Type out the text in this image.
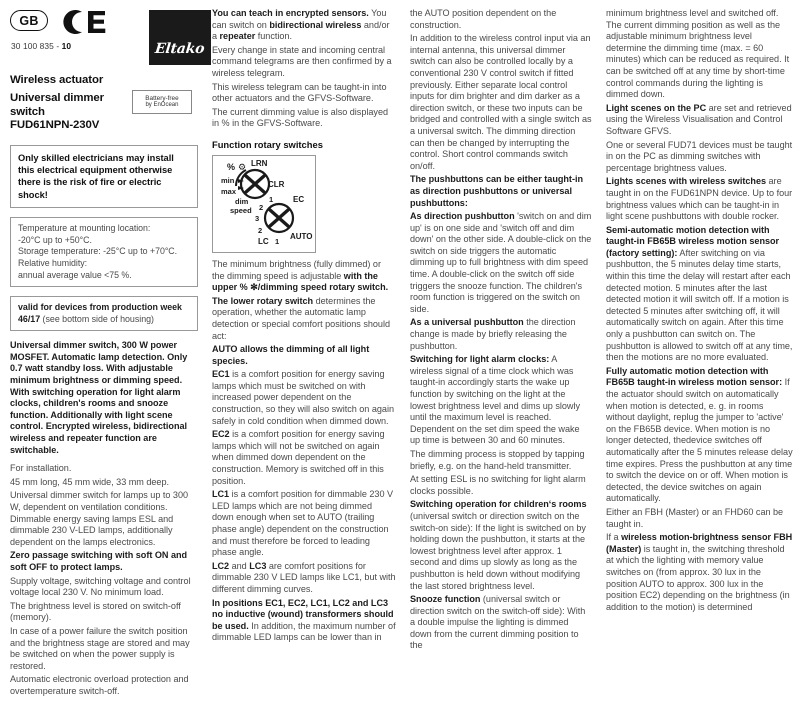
GB
30 100 835 - 10	Eltako
Wireless actuator
Universal dimmer switch
FUD61NPN-230V
Battery-free
by EnOcean

Only skilled electricians may install this electrical equipment otherwise there is the risk of fire or electric shock!

Temperature at mounting location:

-20°C up to +50°C.

Storage temperature: -25°C up to +70°C.

Relative humidity:

annual average value <75 %.

valid for devices from production week 46/17 (see bottom side of housing)

Universal dimmer switch, 300 W power MOSFET. Automatic lamp detection. Only 0.7 watt standby loss. With adjustable minimum brightness or dimming speed. With switching operation for light alarm clocks, children's rooms and snooze function. Additionally with light scene control. Encrypted wireless, bidirectional wireless and repeater function are switchable.

For installation.

45 mm long, 45 mm wide, 33 mm deep.

Universal dimmer switch for lamps up to 300 W, dependent on ventilation conditions. Dimmable energy saving lamps ESL and dimmable 230 V-LED lamps, additionally dependent on the lamps electronics.

Zero passage switching with soft ON and soft OFF to protect lamps.

Supply voltage, switching voltage and control voltage local 230 V. No minimum load.

The brightness level is stored on switch-off (memory).

In case of a power failure the switch position and the brightness stage are stored and may be switched on when the power supply is restored.

Automatic electronic overload protection and overtemperature switch-off.

You can teach in encrypted sensors. You can switch on bidirectional wireless and/or a repeater function.

Every change in state and incoming central command telegrams are then confirmed by a wireless telegram.

This wireless telegram can be taught-in into other actuators and the GFVS-Software.

The current dimming value is also displayed in % in the GFVS-Software.

Function rotary switches
% ⚙ LRN
CLR
min
max
dim
speed
1
2
3
2
1
LC
EC
AUTO

The minimum brightness (fully dimmed) or the dimming speed is adjustable with the upper % ✻/dimming speed rotary switch.

The lower rotary switch determines the operation, whether the automatic lamp detection or special comfort positions should act:

AUTO allows the dimming of all light species.

EC1 is a comfort position for energy saving lamps which must be switched on with increased power dependent on the construction, so they will also switch on again safely in cold condition when dimmed down.

EC2 is a comfort position for energy saving lamps which will not be switched on again when dimmed down dependent on the construction. Memory is switched off in this position.

LC1 is a comfort position for dimmable 230 V LED lamps which are not being dimmed down enough when set to AUTO (trailing phase angle) dependent on the construction and must therefore be forced to leading phase angle.

LC2 and LC3 are comfort positions for dimmable 230 V LED lamps like LC1, but with different dimming curves.

In positions EC1, EC2, LC1, LC2 and LC3 no inductive (wound) transformers should be used. In addition, the maximum number of dimmable LED lamps can be lower than in

the AUTO position dependent on the construction.

In addition to the wireless control input via an internal antenna, this universal dimmer switch can also be controlled locally by a conventional 230 V control switch if fitted previously. Either separate local control inputs for dim brighter and dim darker as a direction switch, or these two inputs can be bridged and controlled with a single switch as a universal switch. The dimming direction can then be changed by interrupting the control. Short control commands switch on/off.

The pushbuttons can be either taught-in as direction pushbuttons or universal pushbuttons:

As direction pushbutton 'switch on and dim up' is on one side and 'switch off and dim down' on the other side. A double-click on the switch on side triggers the automatic dimming up to full brightness with dim speed time. A double-click on the switch off side triggers the snooze function. The children's room function is triggered on the switch on side.

As a universal pushbutton the direction change is made by briefly releasing the pushbutton.

Switching for light alarm clocks: A wireless signal of a time clock which was taught-in accordingly starts the wake up function by switching on the light at the lowest brightness level and dims up slowly until the maximum level is reached. Dependent on the set dim speed the wake up time is between 30 and 60 minutes.

The dimming process is stopped by tapping briefly, e.g. on the hand-held transmitter.

At setting ESL is no switching for light alarm clocks possible.

Switching operation for children‘s rooms (universal switch or direction switch on the switch-on side): If the light is switched on by holding down the pushbutton, it starts at the lowest brightness level after approx. 1 second and dims up slowly as long as the pushbutton is held down without modifying the last stored brightness level.

Snooze function (universal switch or direction switch on the switch-off side): With a double impulse the lighting is dimmed down from the current dimming position to the

minimum brightness level and switched off. The current dimming position as well as the adjustable minimum brightness level determine the dimming time (max. = 60 minutes) which can be reduced as required. It can be switched off at any time by short-time control commands during the lighting is dimmed down.

Light scenes on the PC are set and retrieved using the Wireless Visualisation and Control Software GFVS.

One or several FUD71 devices must be taught in on the PC as dimming switches with percentage brightness values.

Lights scenes with wireless switches are taught in on the FUD61NPN device. Up to four brightness values which can be taught-in in light scene pushbuttons with double rocker.

Semi-automatic motion detection with taught-in FB65B wireless motion sensor (factory setting): After switching on via pushbutton, the 5 minutes delay time starts, within this time the delay will restart after each detected motion. 5 minutes after the last detected motion it will switch off. If a motion is detected 5 minutes after switching off, it will automatically switch on again. After this time only a pushbutton can switch on. The pushbutton is allowed to switch off at any time, then the motions are no more evaluated.

Fully automatic motion detection with FB65B taught-in wireless motion sensor: If the actuator should switch on automatically when motion is detected, e. g. in rooms without daylight, replug the jumper to 'active' on the FB65B device. When motion is no longer detected, thedevice switches off automatically after the 5 minutes release delay time expires. Press the pushbutton at any time to switch the device on or off. When motion is detected, the device switches on again automatically.

Either an FBH (Master) or an FHD60 can be taught in.

If a wireless motion-brightness sensor FBH (Master) is taught in, the switching threshold at which the lighting with memory value switches on (from approx. 30 lux in the position AUTO to approx. 300 lux in the position EC2) depending on the brightness (in addition to the motion) is determined
